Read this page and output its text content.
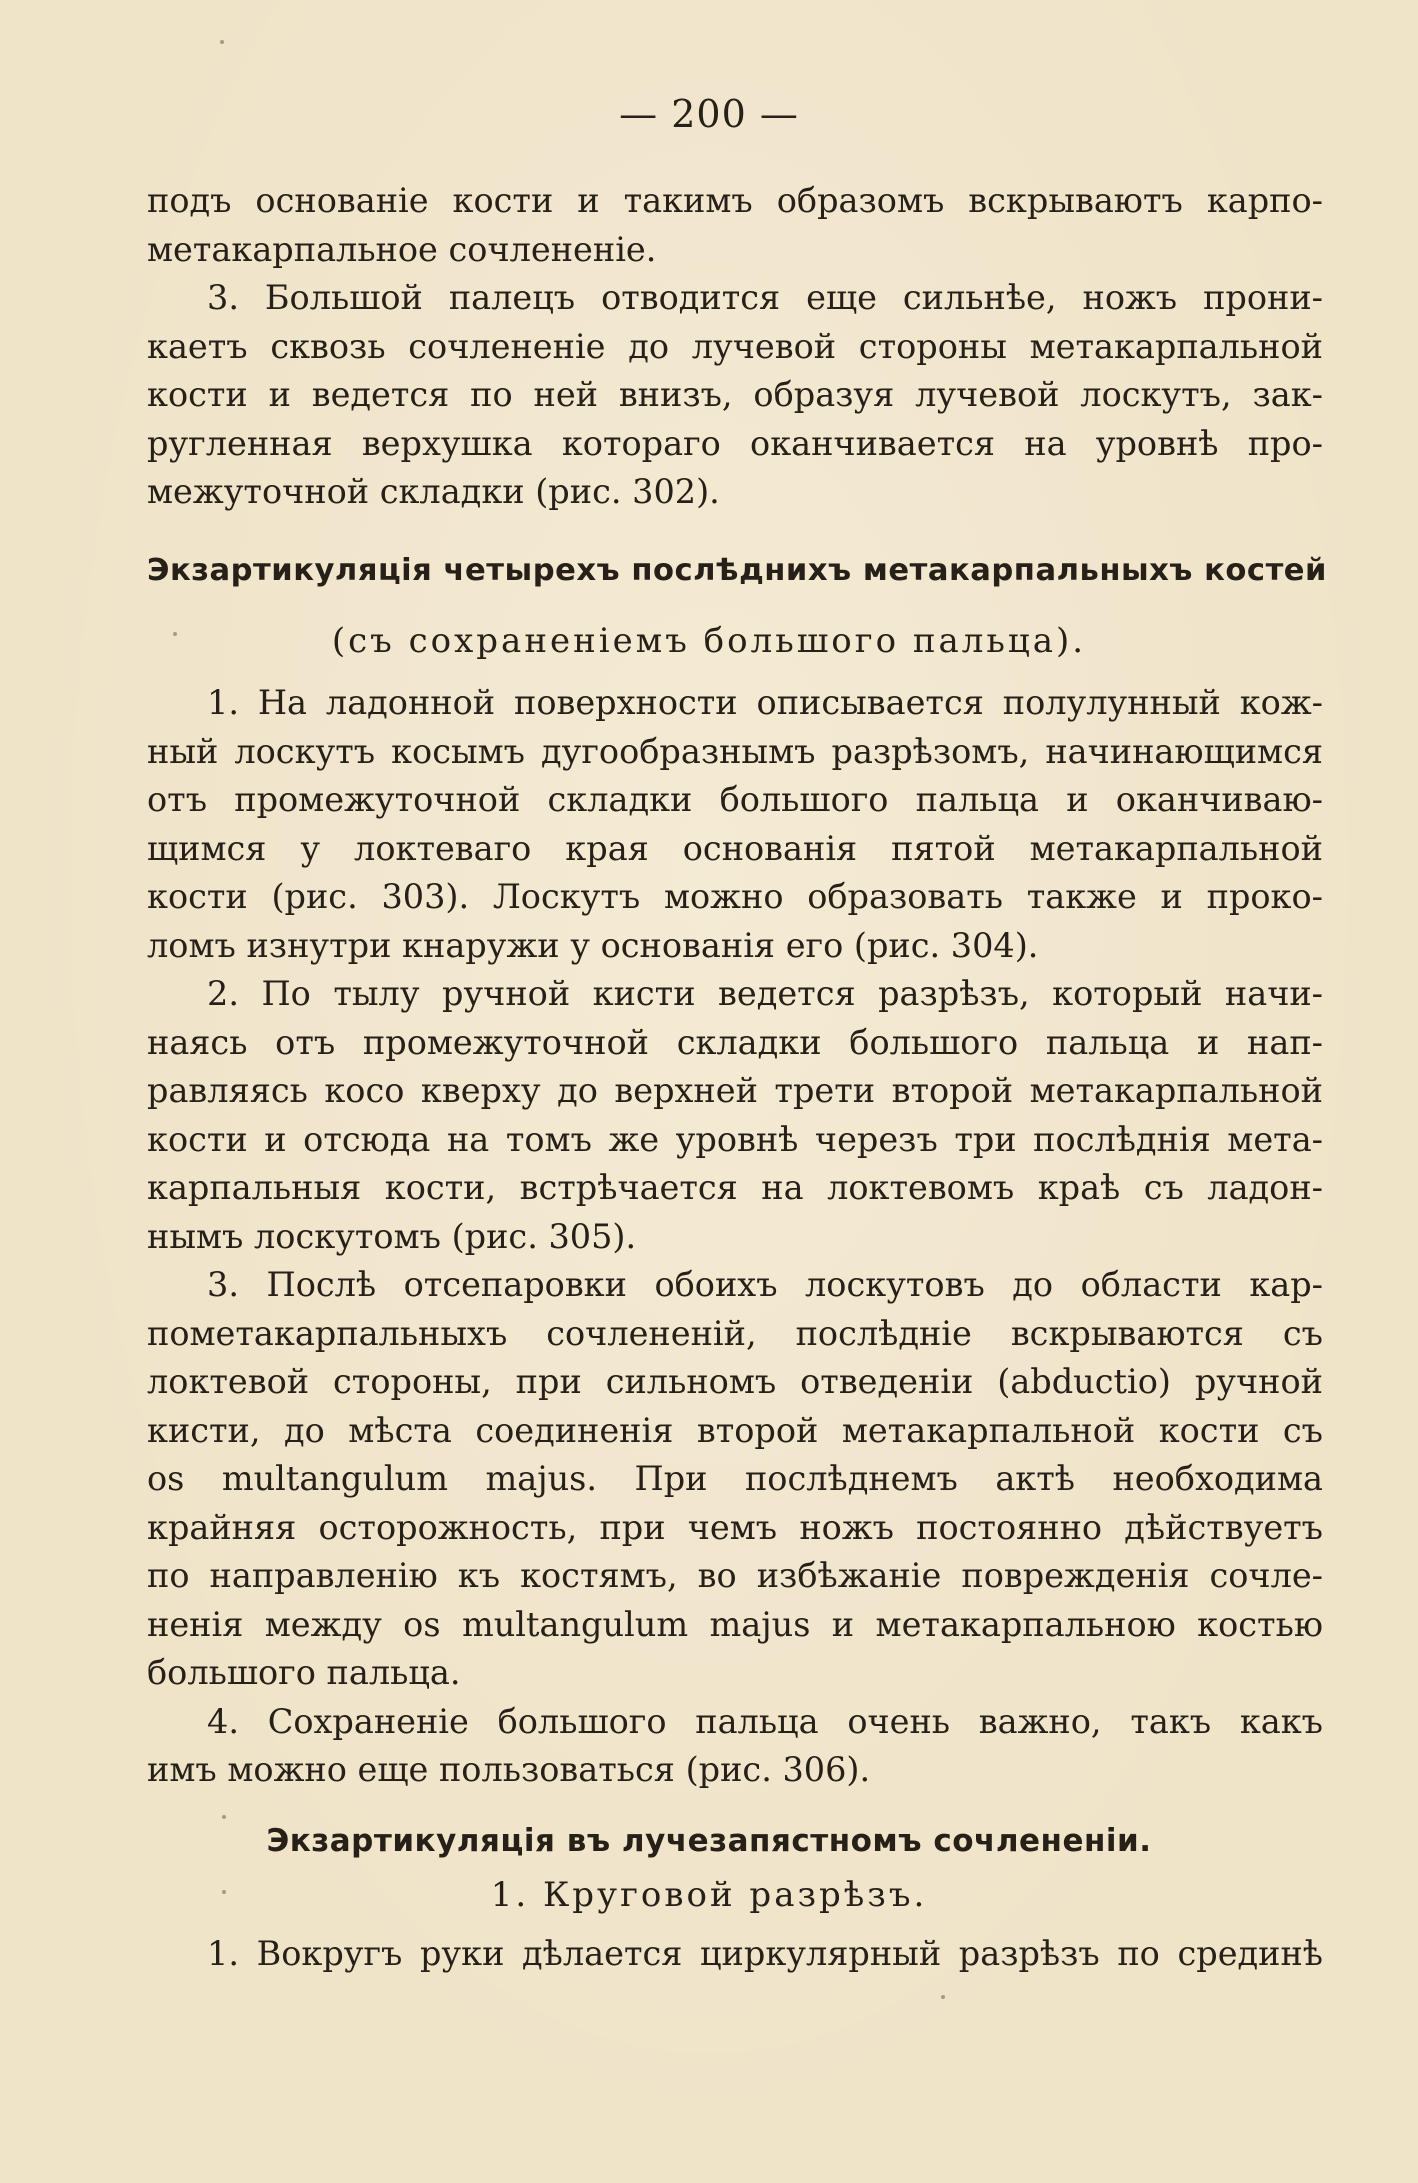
— 200 —
подъ основаніе кости и такимъ образомъ вскрываютъ карпо-
метакарпальное сочлененіе.
3. Большой палецъ отводится еще сильнѣе, ножъ прони-
каетъ сквозь сочлененіе до лучевой стороны метакарпальной
кости и ведется по ней внизъ, образуя лучевой лоскутъ, зак-
ругленная верхушка котораго оканчивается на уровнѣ про-
межуточной складки (рис. 302).
Экзартикуляція четырехъ послѣднихъ метакарпальныхъ костей
(съ сохраненіемъ большого пальца).
1. На ладонной поверхности описывается полулунный кож-
ный лоскутъ косымъ дугообразнымъ разрѣзомъ, начинающимся
отъ промежуточной складки большого пальца и оканчиваю-
щимся у локтеваго края основанія пятой метакарпальной
кости (рис. 303). Лоскутъ можно образовать также и проко-
ломъ изнутри кнаружи у основанія его (рис. 304).
2. По тылу ручной кисти ведется разрѣзъ, который начи-
наясь отъ промежуточной складки большого пальца и нап-
равляясь косо кверху до верхней трети второй метакарпальной
кости и отсюда на томъ же уровнѣ черезъ три послѣднія мета-
карпальныя кости, встрѣчается на локтевомъ краѣ съ ладон-
нымъ лоскутомъ (рис. 305).
3. Послѣ отсепаровки обоихъ лоскутовъ до области кар-
пометакарпальныхъ сочлененій, послѣдніе вскрываются съ
локтевой стороны, при сильномъ отведеніи (abductio) ручной
кисти, до мѣста соединенія второй метакарпальной кости съ
os multangulum majus. При послѣднемъ актѣ необходима
крайняя осторожность, при чемъ ножъ постоянно дѣйствуетъ
по направленію къ костямъ, во избѣжаніе поврежденія сочле-
ненія между os multangulum majus и метакарпальною костью
большого пальца.
4. Сохраненіе большого пальца очень важно, такъ какъ
имъ можно еще пользоваться (рис. 306).
Экзартикуляція въ лучезапястномъ сочлененіи.
1. Круговой разрѣзъ.
1. Вокругъ руки дѣлается циркулярный разрѣзъ по срединѣ
